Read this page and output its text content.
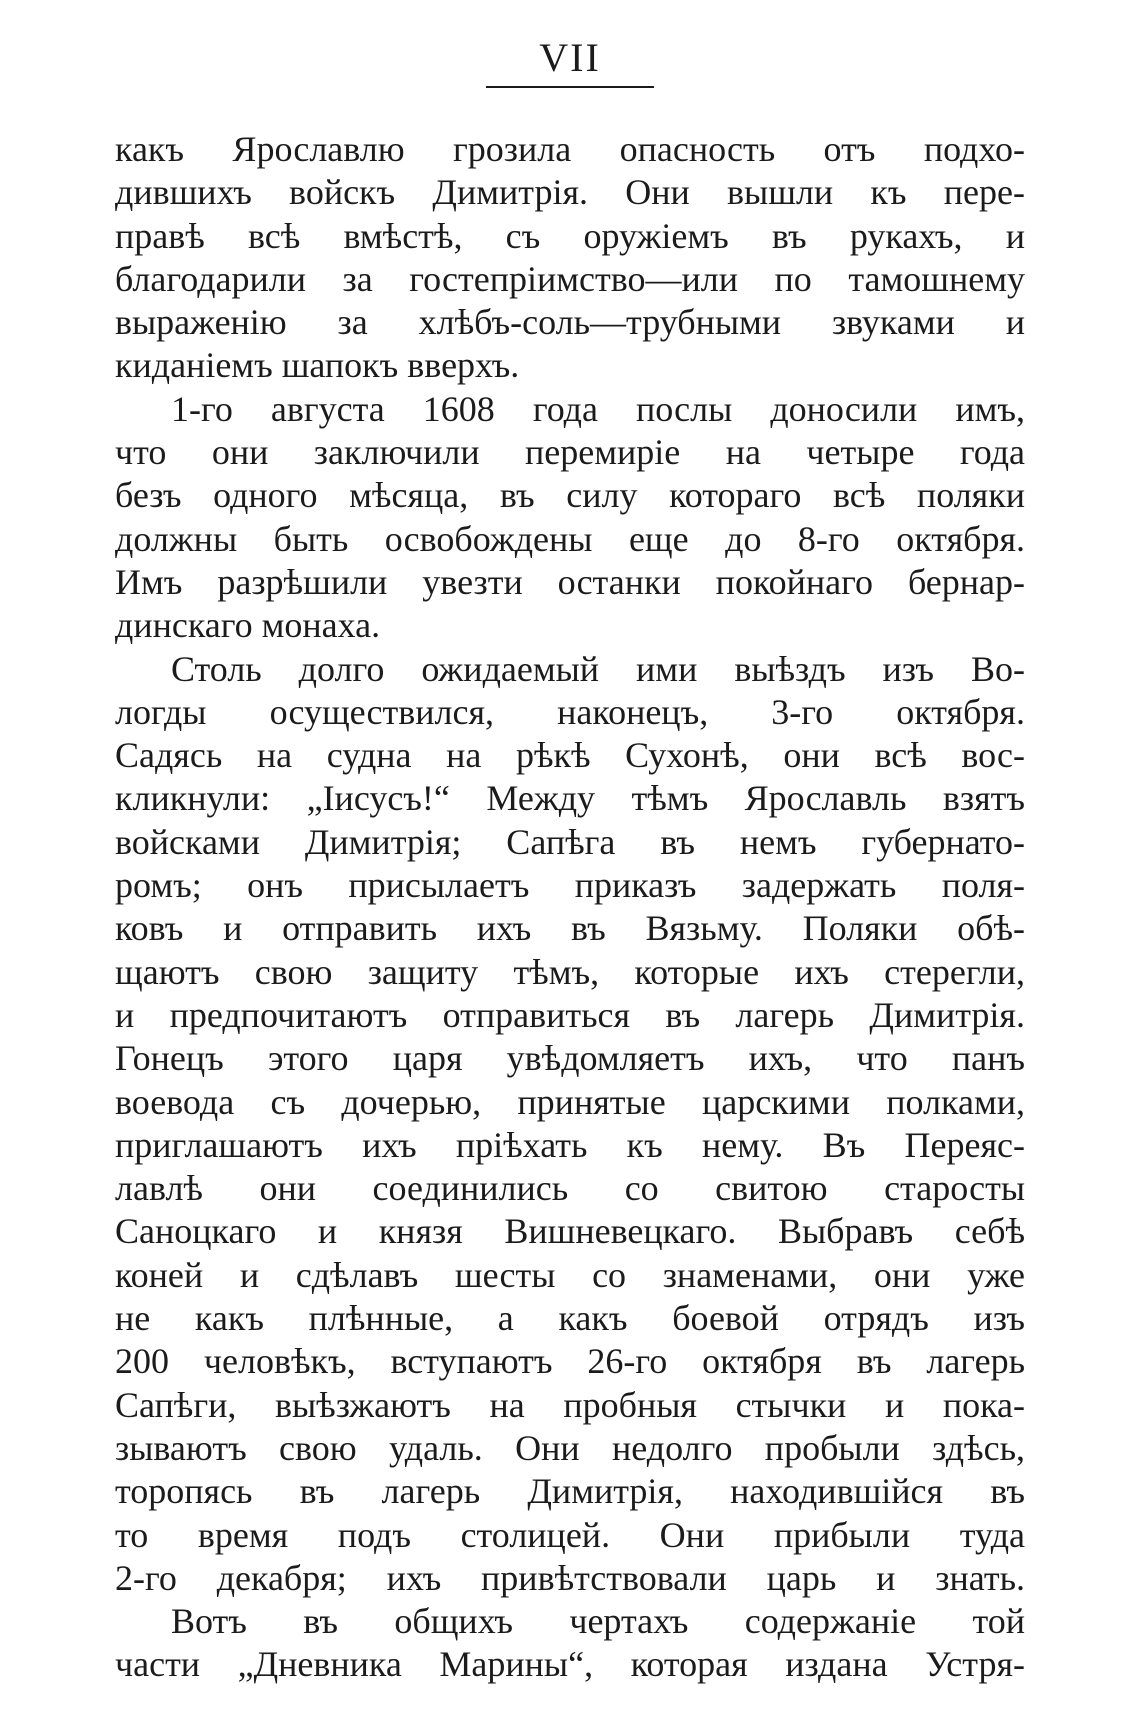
VII
какъ Ярославлю грозила опасность отъ подхо-
дившихъ войскъ Димитрія. Они вышли къ пере-
правѣ всѣ вмѣстѣ, съ оружіемъ въ рукахъ, и
благодарили за гостепріимство—или по тамошнему
выраженію за хлѣбъ-соль—трубными звуками и
киданіемъ шапокъ вверхъ.
1-го августа 1608 года послы доносили имъ,
что они заключили перемиріе на четыре года
безъ одного мѣсяца, въ силу котораго всѣ поляки
должны быть освобождены еще до 8-го октября.
Имъ разрѣшили увезти останки покойнаго бернар-
динскаго монаха.
Столь долго ожидаемый ими выѣздъ изъ Во-
логды осуществился, наконецъ, 3-го октября.
Садясь на судна на рѣкѣ Сухонѣ, они всѣ вос-
кликнули: „Іисусъ!“ Между тѣмъ Ярославль взятъ
войсками Димитрія; Сапѣга въ немъ губернато-
ромъ; онъ присылаетъ приказъ задержать поля-
ковъ и отправить ихъ въ Вязьму. Поляки обѣ-
щаютъ свою защиту тѣмъ, которые ихъ стерегли,
и предпочитаютъ отправиться въ лагерь Димитрія.
Гонецъ этого царя увѣдомляетъ ихъ, что панъ
воевода съ дочерью, принятые царскими полками,
приглашаютъ ихъ пріѣхать къ нему. Въ Переяс-
лавлѣ они соединились со свитою старосты
Саноцкаго и князя Вишневецкаго. Выбравъ себѣ
коней и сдѣлавъ шесты со знаменами, они уже
не какъ плѣнные, а какъ боевой отрядъ изъ
200 человѣкъ, вступаютъ 26-го октября въ лагерь
Сапѣги, выѣзжаютъ на пробныя стычки и пока-
зываютъ свою удаль. Они недолго пробыли здѣсь,
торопясь въ лагерь Димитрія, находившійся въ
то время подъ столицей. Они прибыли туда
2-го декабря; ихъ привѣтствовали царь и знать.
Вотъ въ общихъ чертахъ содержаніе той
части „Дневника Марины“, которая издана Устря-
